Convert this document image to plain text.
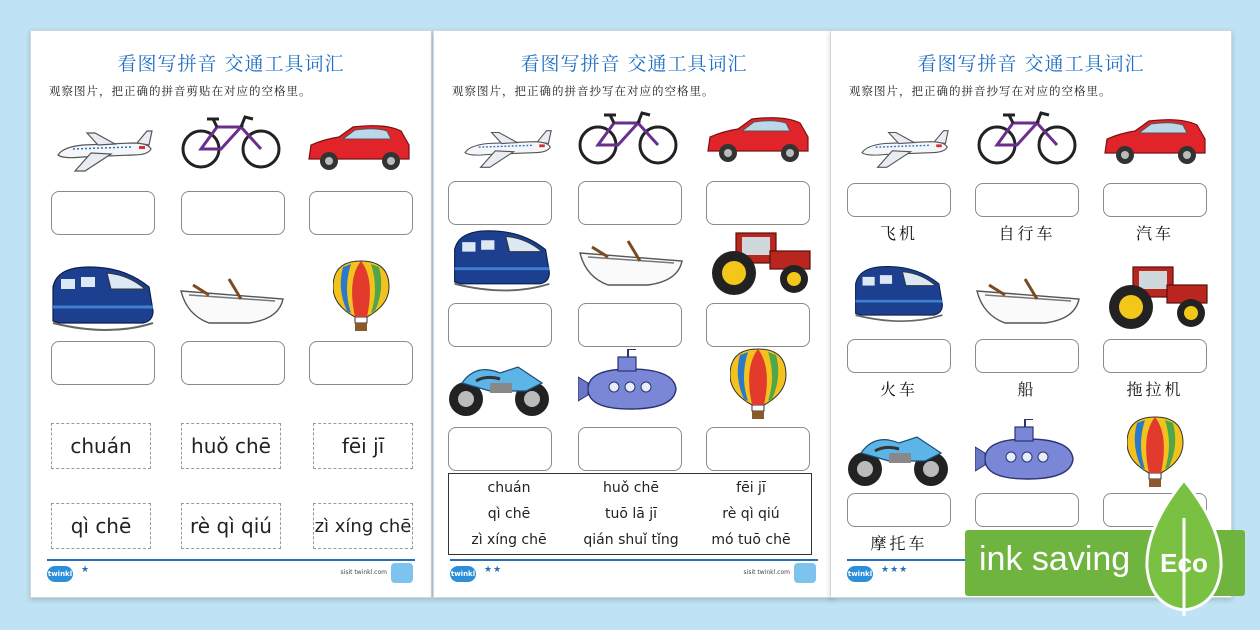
看图写拼音 交通工具词汇
观察图片，把正确的拼音剪贴在对应的空格里。
chuán	huǒ chē	fēi jī
qì chē	rè qì qiú	zì xíng chē
twinkl ★	sisit twinkl.com
看图写拼音 交通工具词汇
观察图片，把正确的拼音抄写在对应的空格里。
chuán	huǒ chē	fēi jī
qì chē	tuō lā jī	rè qì qiú
zì xíng chē	qián shuǐ tǐng	mó tuō chē
twinkl ★★	sisit twinkl.com
看图写拼音 交通工具词汇
观察图片，把正确的拼音抄写在对应的空格里。
飞机	自行车	汽车
火车	船	拖拉机
摩托车
twinkl ★★★ ink saving Eco
